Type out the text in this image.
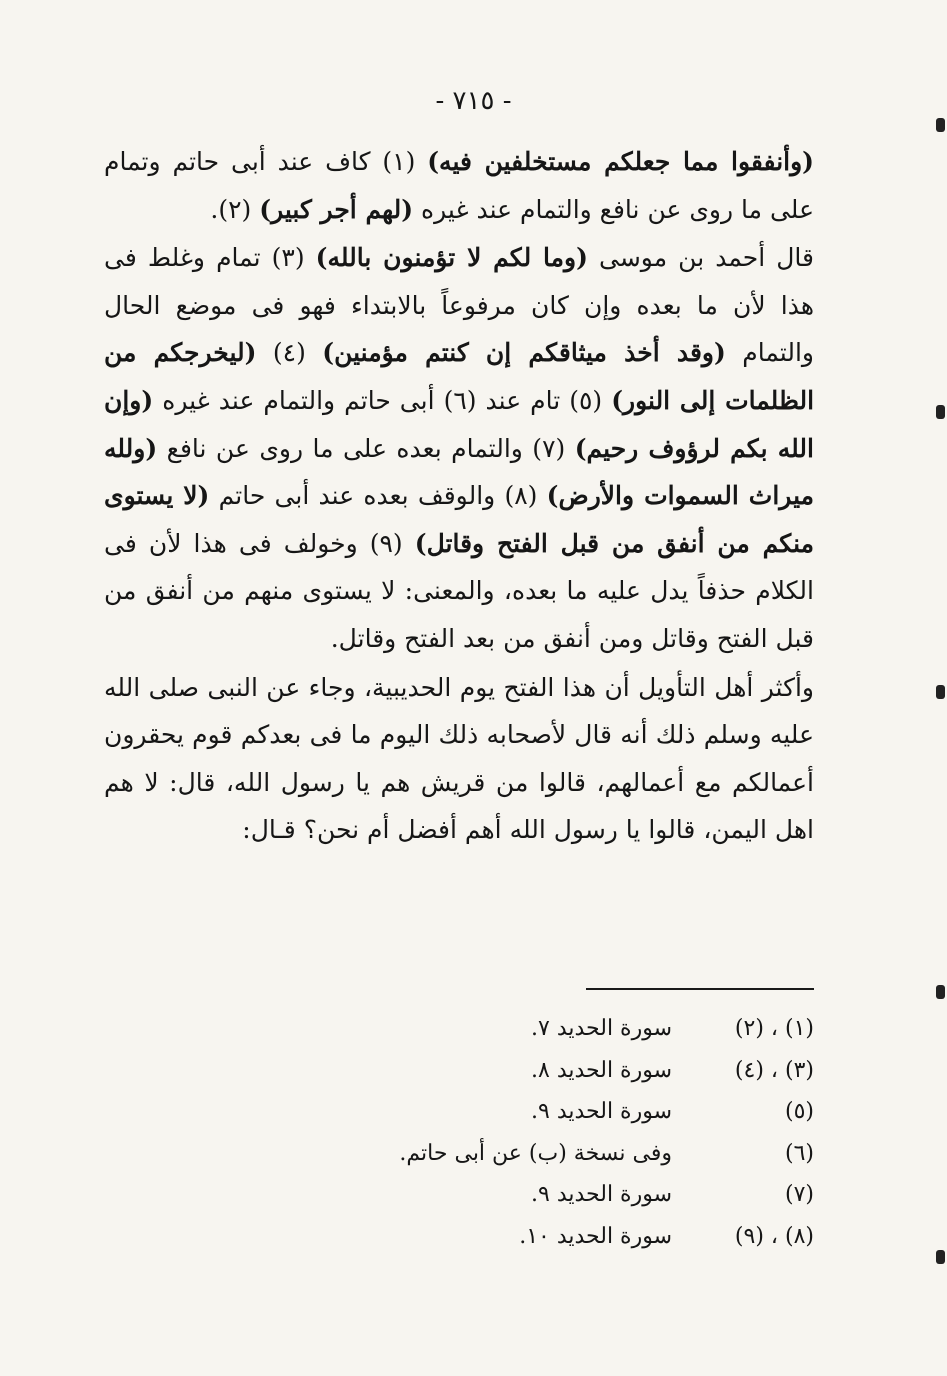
- ٧١٥ -

(وأنفقوا مما جعلكم مستخلفين فيه) (١) كاف عند أبى حاتم وتمام على ما روى عن نافع والتمام عند غيره (لهم أجر كبير) (٢).

قال أحمد بن موسى (وما لكم لا تؤمنون بالله) (٣) تمام وغلط فى هذا لأن ما بعده وإن كان مرفوعاً بالابتداء فهو فى موضع الحال والتمام (وقد أخذ ميثاقكم إن كنتم مؤمنين) (٤) (ليخرجكم من الظلمات إلى النور) (٥) تام عند (٦) أبى حاتم والتمام عند غيره (وإن الله بكم لرؤوف رحيم) (٧) والتمام بعده على ما روى عن نافع (ولله ميراث السموات والأرض) (٨) والوقف بعده عند أبى حاتم (لا يستوى منكم من أنفق من قبل الفتح وقاتل) (٩) وخولف فى هذا لأن فى الكلام حذفاً يدل عليه ما بعده، والمعنى: لا يستوى منهم من أنفق من قبل الفتح وقاتل ومن أنفق من بعد الفتح وقاتل.

وأكثر أهل التأويل أن هذا الفتح يوم الحديبية، وجاء عن النبى صلى الله عليه وسلم ذلك أنه قال لأصحابه ذلك اليوم ما فى بعدكم قوم يحقرون أعمالكم مع أعمالهم، قالوا من قريش هم يا رسول الله، قال: لا هم اهل اليمن، قالوا يا رسول الله أهم أفضل أم نحن؟ قـال:

(١) ، (٢)
سورة الحديد ٧.
(٣) ، (٤)
سورة الحديد ٨.
(٥)
سورة الحديد ٩.
(٦)
وفى نسخة (ب) عن أبى حاتم.
(٧)
سورة الحديد ٩.
(٨) ، (٩)
سورة الحديد ١٠.
